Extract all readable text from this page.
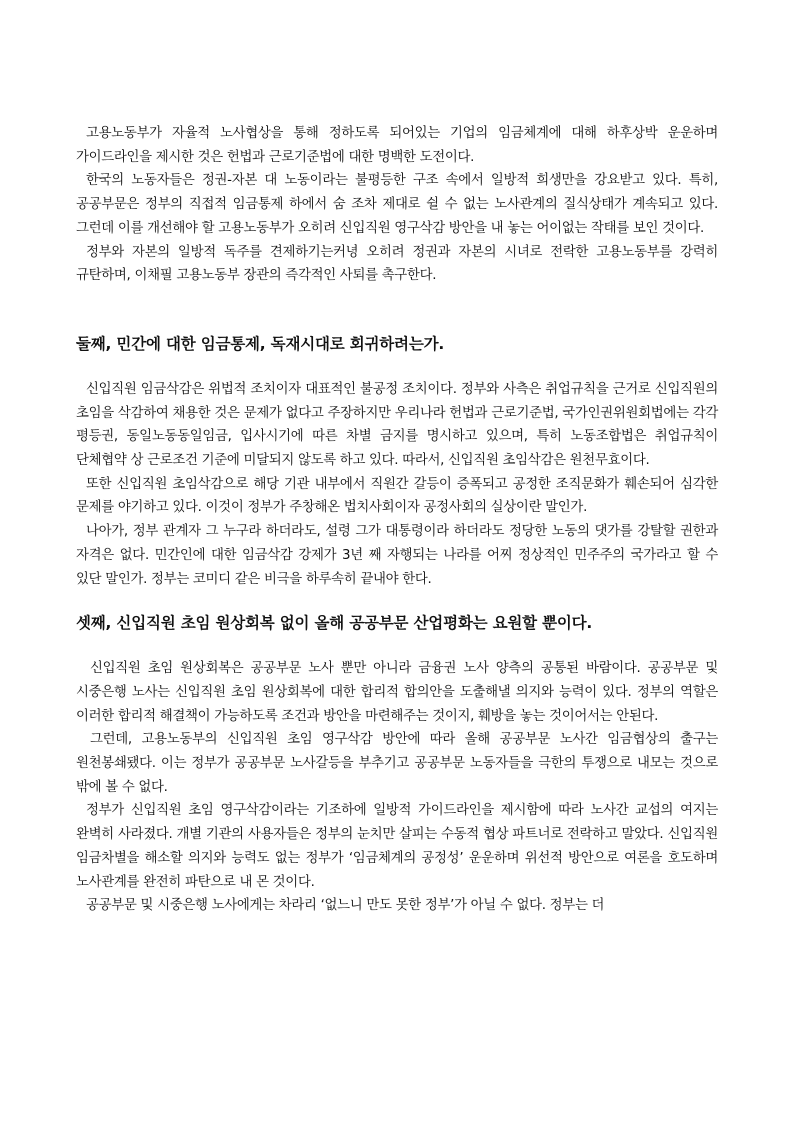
고용노동부가 자율적 노사협상을 통해 정하도록 되어있는 기업의 임금체계에 대해 하후상박 운운하며 가이드라인을 제시한 것은 헌법과 근로기준법에 대한 명백한 도전이다.

한국의 노동자들은 정권-자본 대 노동이라는 불평등한 구조 속에서 일방적 희생만을 강요받고 있다. 특히, 공공부문은 정부의 직접적 임금통제 하에서 숨 조차 제대로 쉴 수 없는 노사관계의 질식상태가 계속되고 있다. 그런데 이를 개선해야 할 고용노동부가 오히려 신입직원 영구삭감 방안을 내 놓는 어이없는 작태를 보인 것이다.

정부와 자본의 일방적 독주를 견제하기는커녕 오히려 정권과 자본의 시녀로 전락한 고용노동부를 강력히 규탄하며, 이채필 고용노동부 장관의 즉각적인 사퇴를 촉구한다.

둘째, 민간에 대한 임금통제, 독재시대로 회귀하려는가.

신입직원 임금삭감은 위법적 조치이자 대표적인 불공정 조치이다. 정부와 사측은 취업규칙을 근거로 신입직원의 초임을 삭감하여 채용한 것은 문제가 없다고 주장하지만 우리나라 헌법과 근로기준법, 국가인권위원회법에는 각각 평등권, 동일노동동일임금, 입사시기에 따른 차별 금지를 명시하고 있으며, 특히 노동조합법은 취업규칙이 단체협약 상 근로조건 기준에 미달되지 않도록 하고 있다. 따라서, 신입직원 초임삭감은 원천무효이다.

또한 신입직원 초임삭감으로 해당 기관 내부에서 직원간 갈등이 증폭되고 공정한 조직문화가 훼손되어 심각한 문제를 야기하고 있다. 이것이 정부가 주창해온 법치사회이자 공정사회의 실상이란 말인가.

나아가, 정부 관계자 그 누구라 하더라도, 설령 그가 대통령이라 하더라도 정당한 노동의 댓가를 강탈할 권한과 자격은 없다. 민간인에 대한 임금삭감 강제가 3년 째 자행되는 나라를 어찌 정상적인 민주주의 국가라고 할 수 있단 말인가. 정부는 코미디 같은 비극을 하루속히 끝내야 한다.

셋째, 신입직원 초임 원상회복 없이 올해 공공부문 산업평화는 요원할 뿐이다.

신입직원 초임 원상회복은 공공부문 노사 뿐만 아니라 금융권 노사 양측의 공통된 바람이다. 공공부문 및 시중은행 노사는 신입직원 초임 원상회복에 대한 합리적 합의안을 도출해낼 의지와 능력이 있다. 정부의 역할은 이러한 합리적 해결책이 가능하도록 조건과 방안을 마련해주는 것이지, 훼방을 놓는 것이어서는 안된다.

그런데, 고용노동부의 신입직원 초임 영구삭감 방안에 따라 올해 공공부문 노사간 임금협상의 출구는 원천봉쇄됐다. 이는 정부가 공공부문 노사갈등을 부추기고 공공부문 노동자들을 극한의 투쟁으로 내모는 것으로 밖에 볼 수 없다.

정부가 신입직원 초임 영구삭감이라는 기조하에 일방적 가이드라인을 제시함에 따라 노사간 교섭의 여지는 완벽히 사라졌다. 개별 기관의 사용자들은 정부의 눈치만 살피는 수동적 협상 파트너로 전락하고 말았다. 신입직원 임금차별을 해소할 의지와 능력도 없는 정부가 ‘임금체계의 공정성’ 운운하며 위선적 방안으로 여론을 호도하며 노사관계를 완전히 파탄으로 내 몬 것이다.

공공부문 및 시중은행 노사에게는 차라리 ‘없느니 만도 못한 정부’가 아닐 수 없다. 정부는 더
